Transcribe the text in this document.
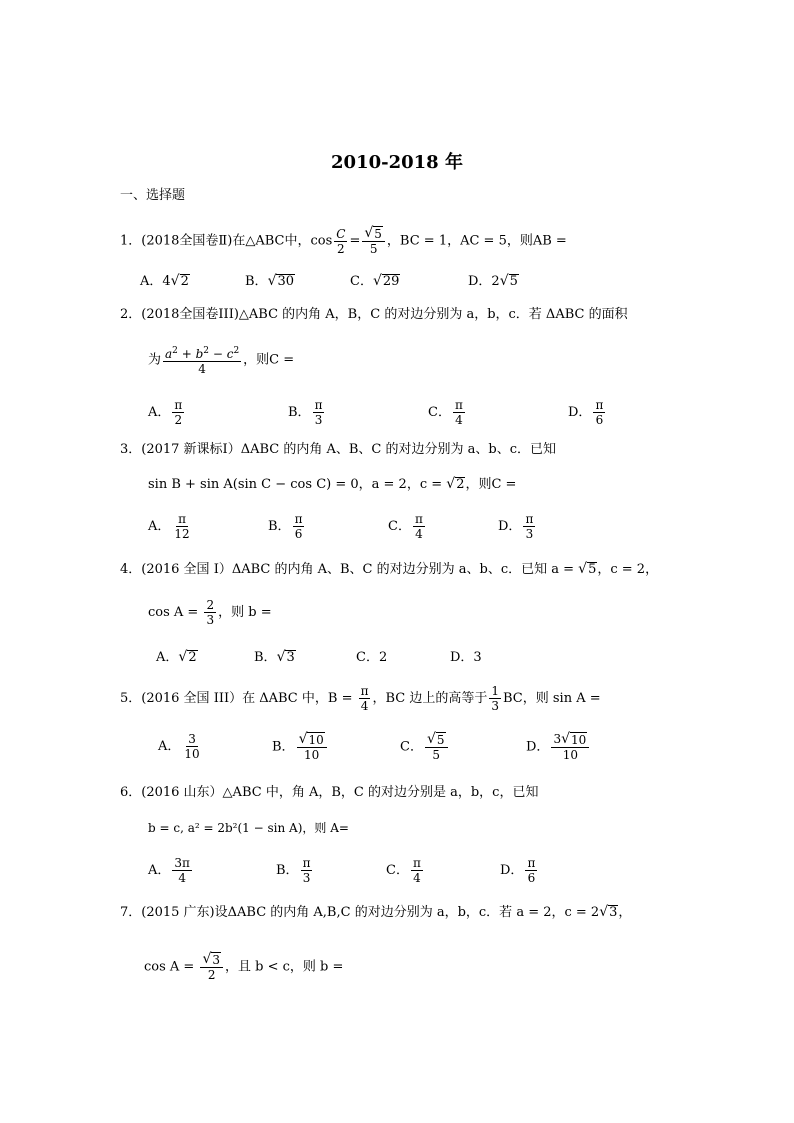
2010-2018 年
一、选择题
1．(2018全国卷Ⅱ)在△ABC中，$\cos \frac{C}{2} = \frac{√ 5}{5}$ ，BC = 1，AC = 5，则AB =
A．4 √ 2	B． √ 30	C． √ 29	D．2 √ 5
2．(2018全国卷III)△ABC 的内角 A，B，C 的对边分别为 a，b，c．若 ΔABC 的面积
为 $\frac{a^2 + b^2 - c^2}{4}$ ，则C =
A． $\frac{\pi}{2}$	B． $\frac{\pi}{3}$	C． $\frac{\pi}{4}$	D． $\frac{\pi}{6}$
3．(2017 新课标Ⅰ）ΔABC 的内角 A、B、C 的对边分别为 a、b、c．已知
sin B + sin A(sin C − cos C) = 0，a = 2，c = √ 2 ，则C =
A． $\frac{\pi}{12}$	B． $\frac{\pi}{6}$	C． $\frac{\pi}{4}$	D． $\frac{\pi}{3}$
4．(2016 全国 I）ΔABC 的内角 A、B、C 的对边分别为 a、b、c．已知 a = √ 5 ，c = 2，
$\cos A = \frac{2}{3}$ ，则 b =
A． √ 2	B． √ 3	C．2	D．3
5．(2016 全国 III）在 ΔABC 中，$B = \frac{\pi}{4}$ ，BC 边上的高等于 $\frac{1}{3}$ BC，则 sin A =
A． $\frac{3}{10}$	B． $\frac{√ 10}{10}$	C． $\frac{√ 5}{5}$	D． $\frac{3 √ 10}{10}$
6．(2016 山东）△ABC 中，角 A，B，C 的对边分别是 a，b，c，已知
b = c, a² = 2b²(1 − sin A)，则 A=
A． $\frac{3\pi}{4}$	B． $\frac{\pi}{3}$	C． $\frac{\pi}{4}$	D． $\frac{\pi}{6}$
7．(2015 广东)设ΔABC 的内角 A,B,C 的对边分别为 a，b，c．若 a = 2，c = 2 √ 3 ，
$\cos A = \frac{√ 3}{2}$ ，且 b < c，则 b =
